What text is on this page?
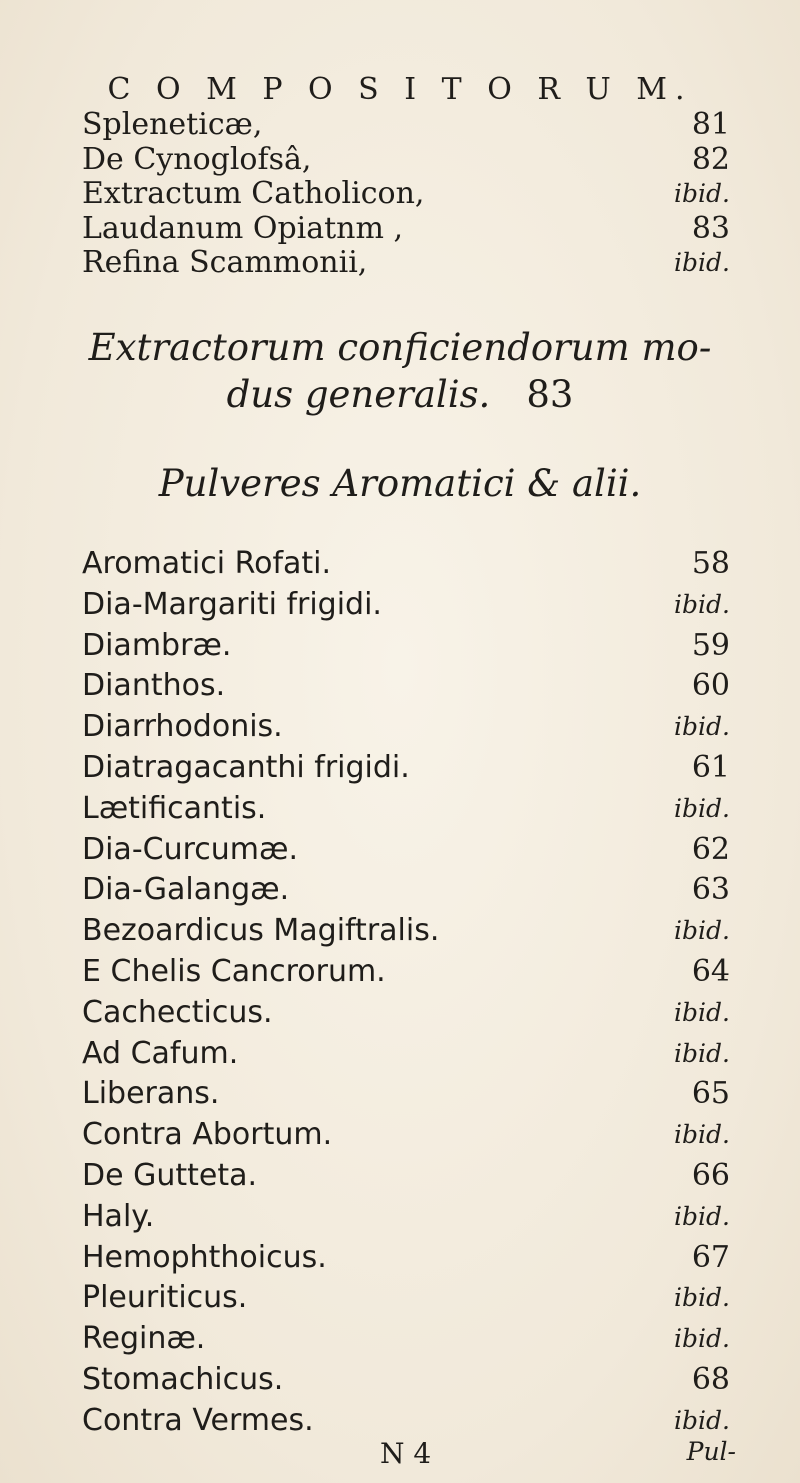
C O M P O S I T O R U M.
Spleneticæ,	81
De Cynoglofsâ,	82
Extractum Catholicon,	ibid.
Laudanum Opiatnm ,	83
Refina Scammonii,	ibid.
Extractorum conficiendorum mo-
dus generalis. 83
Pulveres Aromatici & alii.
Aromatici Rofati.	58
Dia-Margariti frigidi.	ibid.
Diambræ.	59
Dianthos.	60
Diarrhodonis.	ibid.
Diatragacanthi frigidi.	61
Lætificantis.	ibid.
Dia-Curcumæ.	62
Dia-Galangæ.	63
Bezoardicus Magiftralis.	ibid.
E Chelis Cancrorum.	64
Cachecticus.	ibid.
Ad Cafum.	ibid.
Liberans.	65
Contra Abortum.	ibid.
De Gutteta.	66
Haly.	ibid.
Hemophthoicus.	67
Pleuriticus.	ibid.
Reginæ.	ibid.
Stomachicus.	68
Contra Vermes.	ibid.
N 4	Pul-
